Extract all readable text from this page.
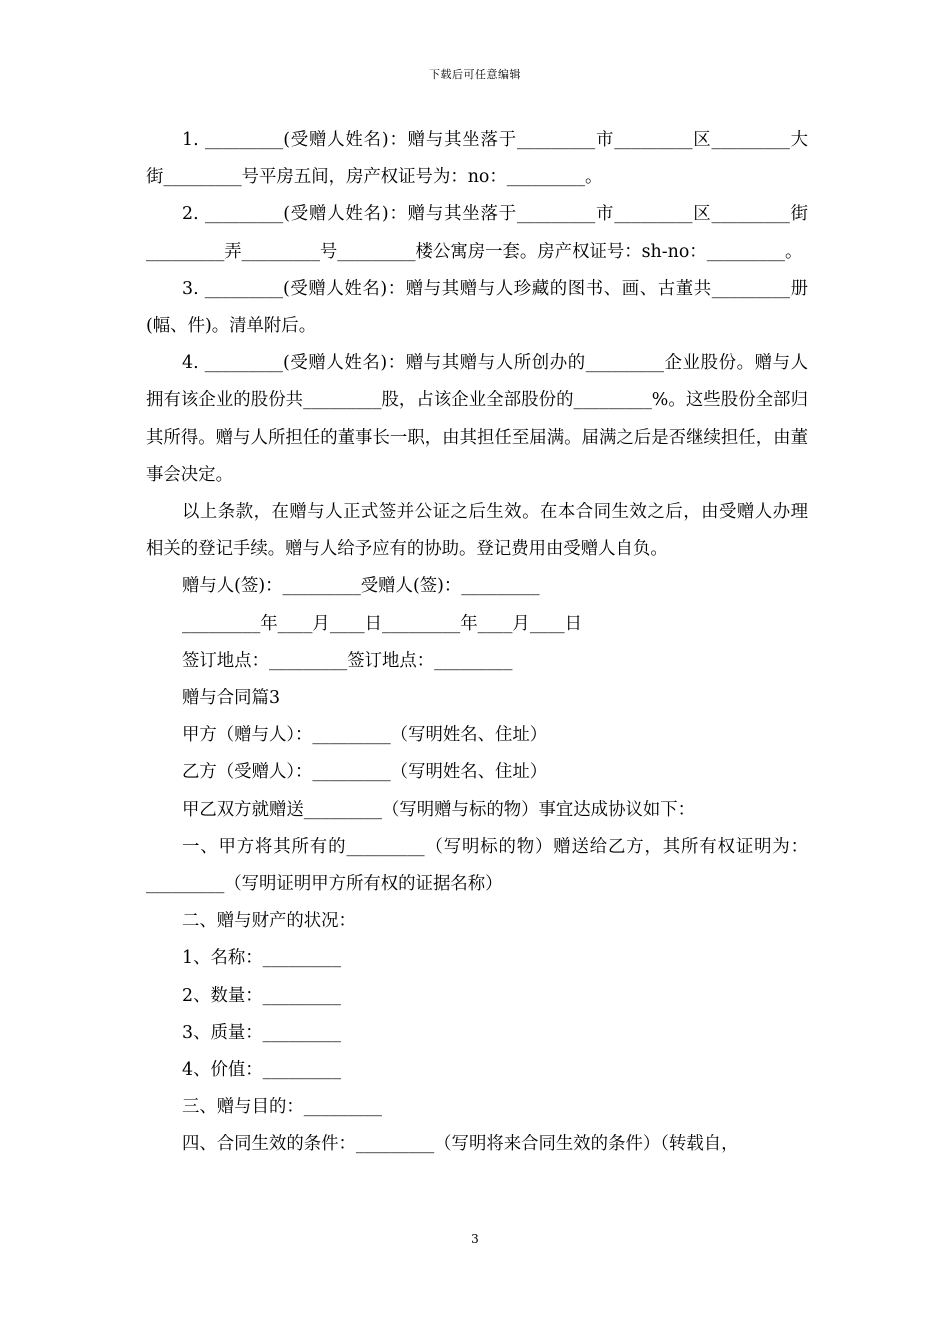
下载后可任意编辑

1. _________(受赠人姓名)：赠与其坐落于_________市_________区_________大街_________号平房五间，房产权证号为：no：_________。

2. _________(受赠人姓名)：赠与其坐落于_________市_________区_________街_________弄_________号_________楼公寓房一套。房产权证号：sh-no：_________。

3. _________(受赠人姓名)：赠与其赠与人珍藏的图书、画、古董共_________册(幅、件)。清单附后。

4. _________(受赠人姓名)：赠与其赠与人所创办的_________企业股份。赠与人拥有该企业的股份共_________股，占该企业全部股份的_________%。这些股份全部归其所得。赠与人所担任的董事长一职，由其担任至届满。届满之后是否继续担任，由董事会决定。

以上条款，在赠与人正式签并公证之后生效。在本合同生效之后，由受赠人办理相关的登记手续。赠与人给予应有的协助。登记费用由受赠人自负。

赠与人(签)：_________受赠人(签)：_________

_________年____月____日_________年____月____日

签订地点：_________签订地点：_________

赠与合同篇3

甲方（赠与人）：_________（写明姓名、住址）

乙方（受赠人）：_________（写明姓名、住址）

甲乙双方就赠送_________（写明赠与标的物）事宜达成协议如下：

一、甲方将其所有的_________（写明标的物）赠送给乙方，其所有权证明为：_________（写明证明甲方所有权的证据名称）

二、赠与财产的状况：

1、名称：_________

2、数量：_________

3、质量：_________

4、价值：_________

三、赠与目的：_________

四、合同生效的条件：_________（写明将来合同生效的条件）（转载自，

3
